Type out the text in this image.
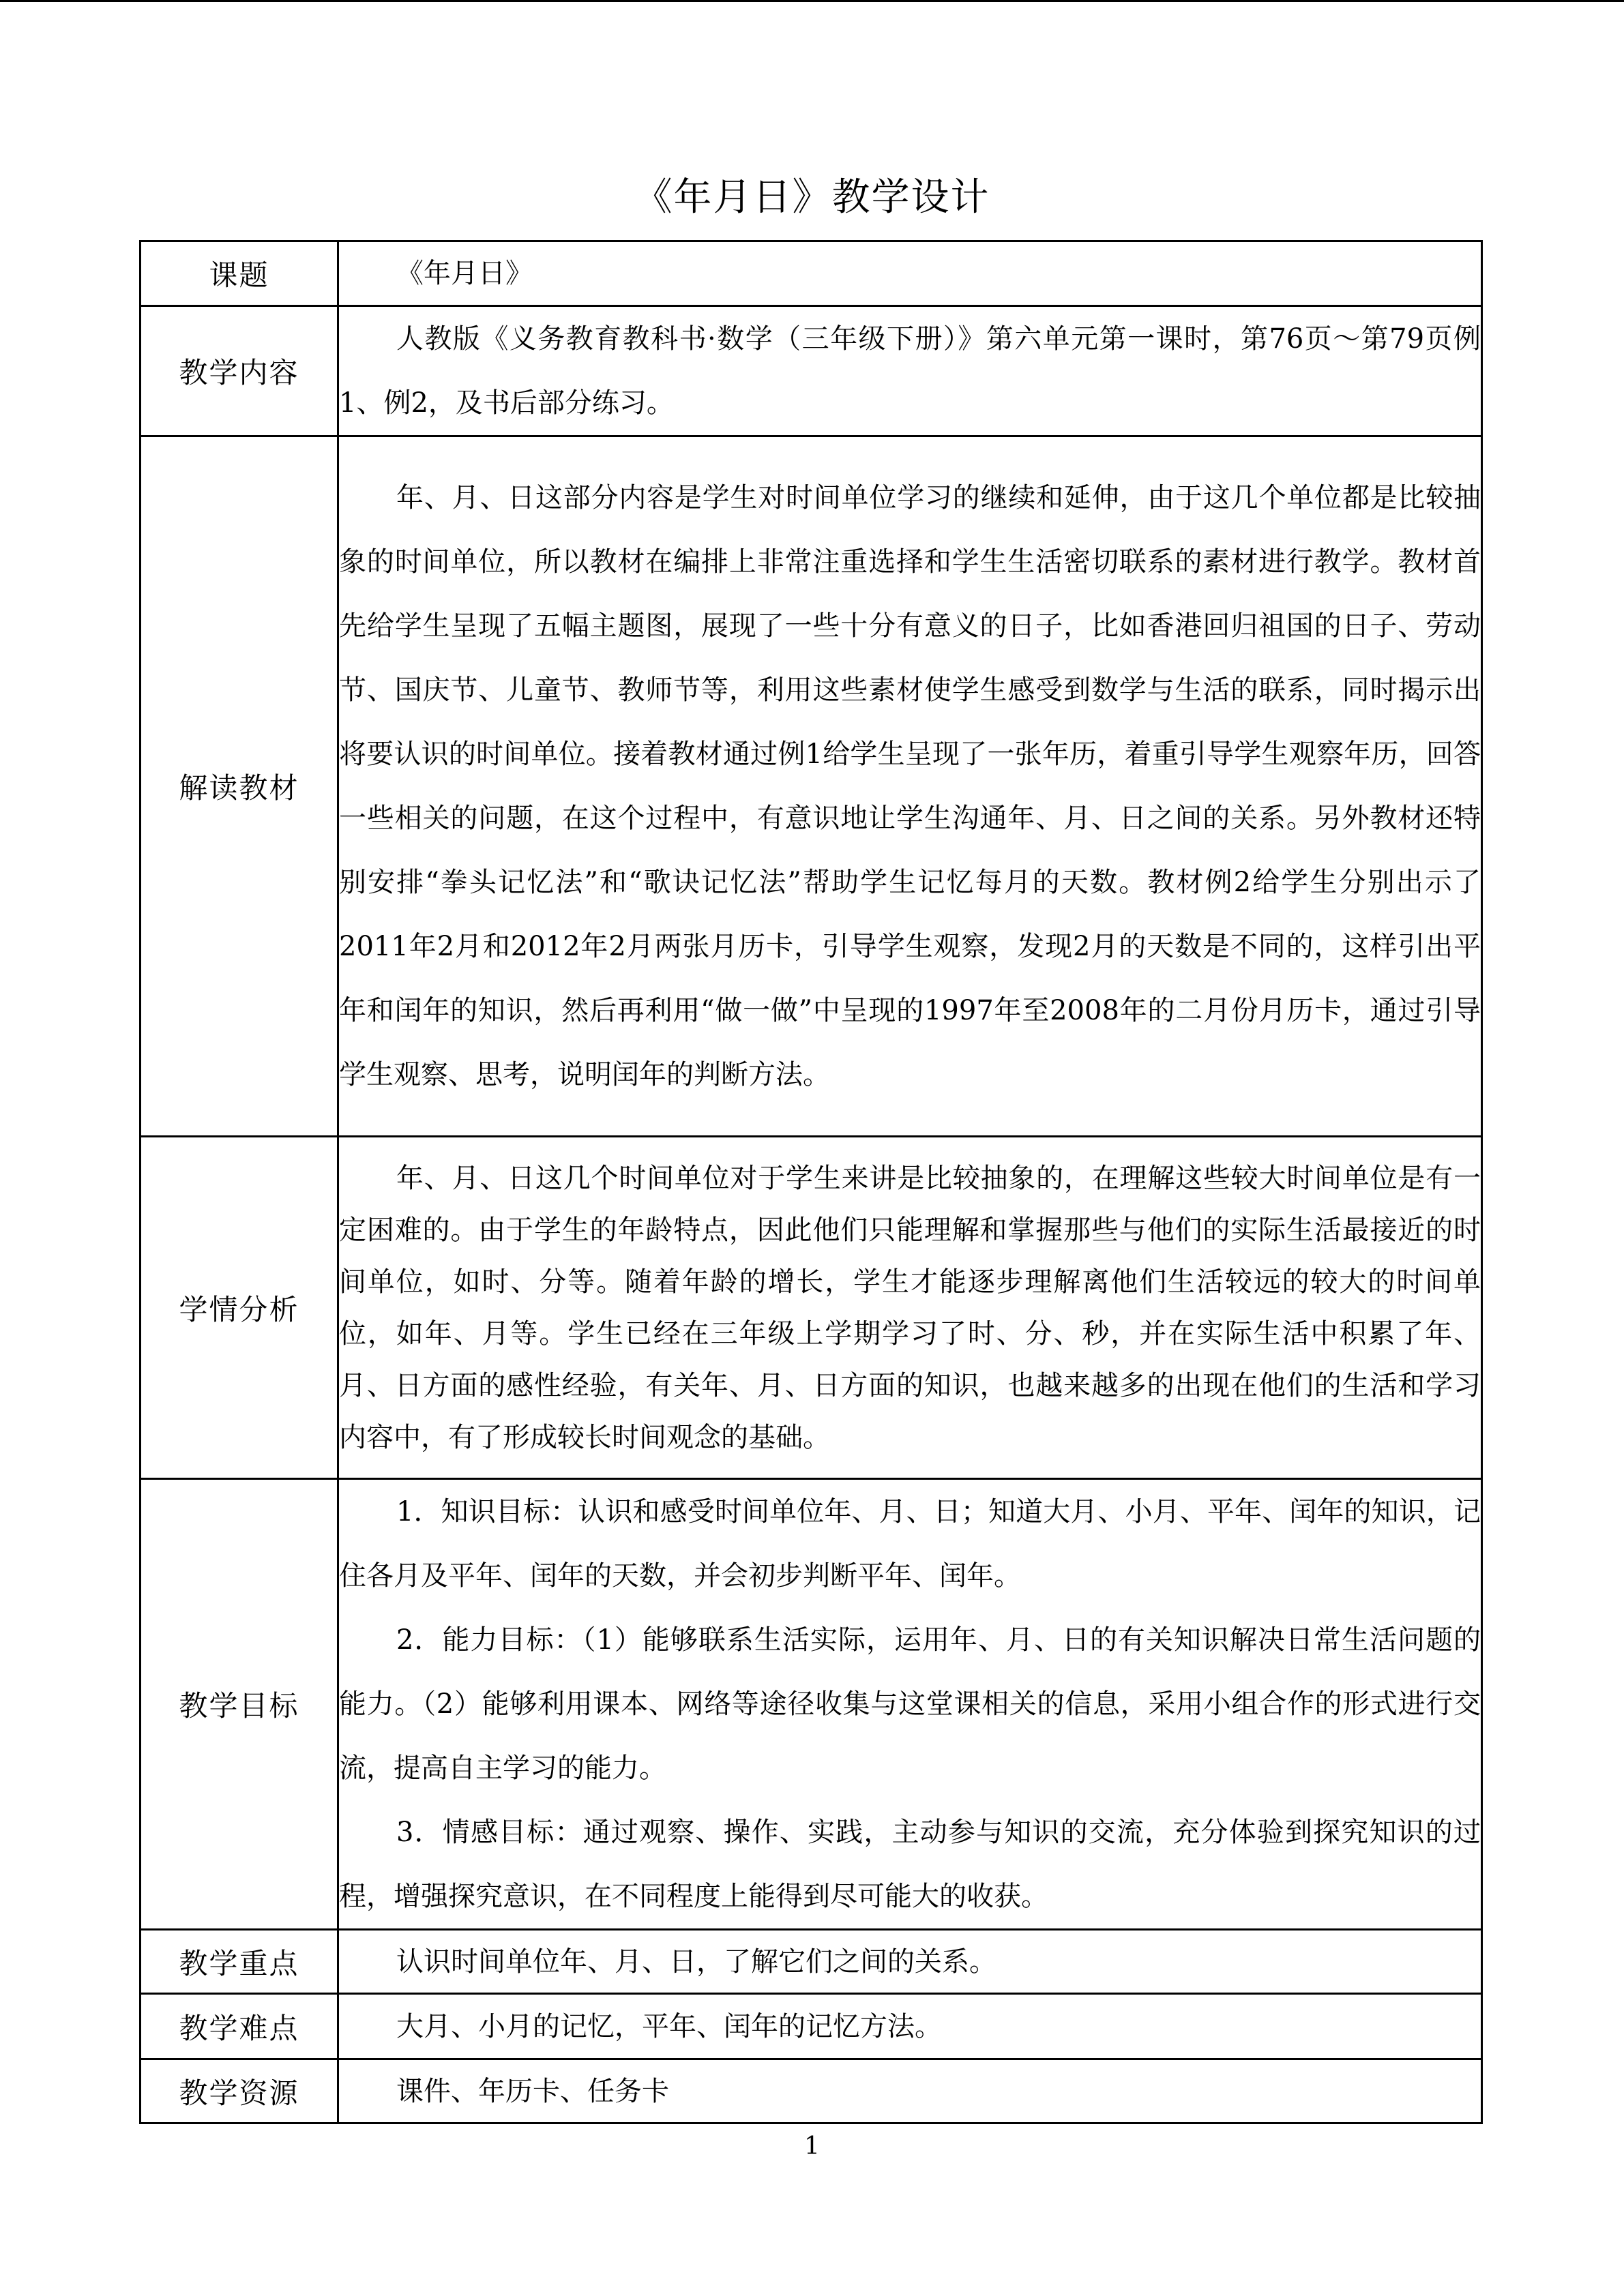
《年月日》教学设计
课题	《年月日》

教学内容	人教版《义务教育教科书·数学（三年级下册）》第六单元第一课时，第76页～第79页例1、例2，及书后部分练习。

解读教材	年、月、日这部分内容是学生对时间单位学习的继续和延伸，由于这几个单位都是比较抽象的时间单位，所以教材在编排上非常注重选择和学生生活密切联系的素材进行教学。教材首先给学生呈现了五幅主题图，展现了一些十分有意义的日子，比如香港回归祖国的日子、劳动节、国庆节、儿童节、教师节等，利用这些素材使学生感受到数学与生活的联系，同时揭示出将要认识的时间单位。接着教材通过例1给学生呈现了一张年历，着重引导学生观察年历，回答一些相关的问题，在这个过程中，有意识地让学生沟通年、月、日之间的关系。另外教材还特别安排“拳头记忆法”和“歌诀记忆法”帮助学生记忆每月的天数。教材例2给学生分别出示了2011年2月和2012年2月两张月历卡，引导学生观察，发现2月的天数是不同的，这样引出平年和闰年的知识，然后再利用“做一做”中呈现的1997年至2008年的二月份月历卡，通过引导学生观察、思考，说明闰年的判断方法。

学情分析	年、月、日这几个时间单位对于学生来讲是比较抽象的，在理解这些较大时间单位是有一定困难的。由于学生的年龄特点，因此他们只能理解和掌握那些与他们的实际生活最接近的时间单位，如时、分等。随着年龄的增长，学生才能逐步理解离他们生活较远的较大的时间单位，如年、月等。学生已经在三年级上学期学习了时、分、秒，并在实际生活中积累了年、月、日方面的感性经验，有关年、月、日方面的知识，也越来越多的出现在他们的生活和学习内容中，有了形成较长时间观念的基础。

教学目标	1．知识目标：认识和感受时间单位年、月、日；知道大月、小月、平年、闰年的知识，记住各月及平年、闰年的天数，并会初步判断平年、闰年。

2．能力目标：（1）能够联系生活实际，运用年、月、日的有关知识解决日常生活问题的能力。（2）能够利用课本、网络等途径收集与这堂课相关的信息，采用小组合作的形式进行交流，提高自主学习的能力。

3．情感目标：通过观察、操作、实践，主动参与知识的交流，充分体验到探究知识的过程，增强探究意识，在不同程度上能得到尽可能大的收获。

教学重点	认识时间单位年、月、日，了解它们之间的关系。

教学难点	大月、小月的记忆，平年、闰年的记忆方法。

教学资源	课件、年历卡、任务卡

1
